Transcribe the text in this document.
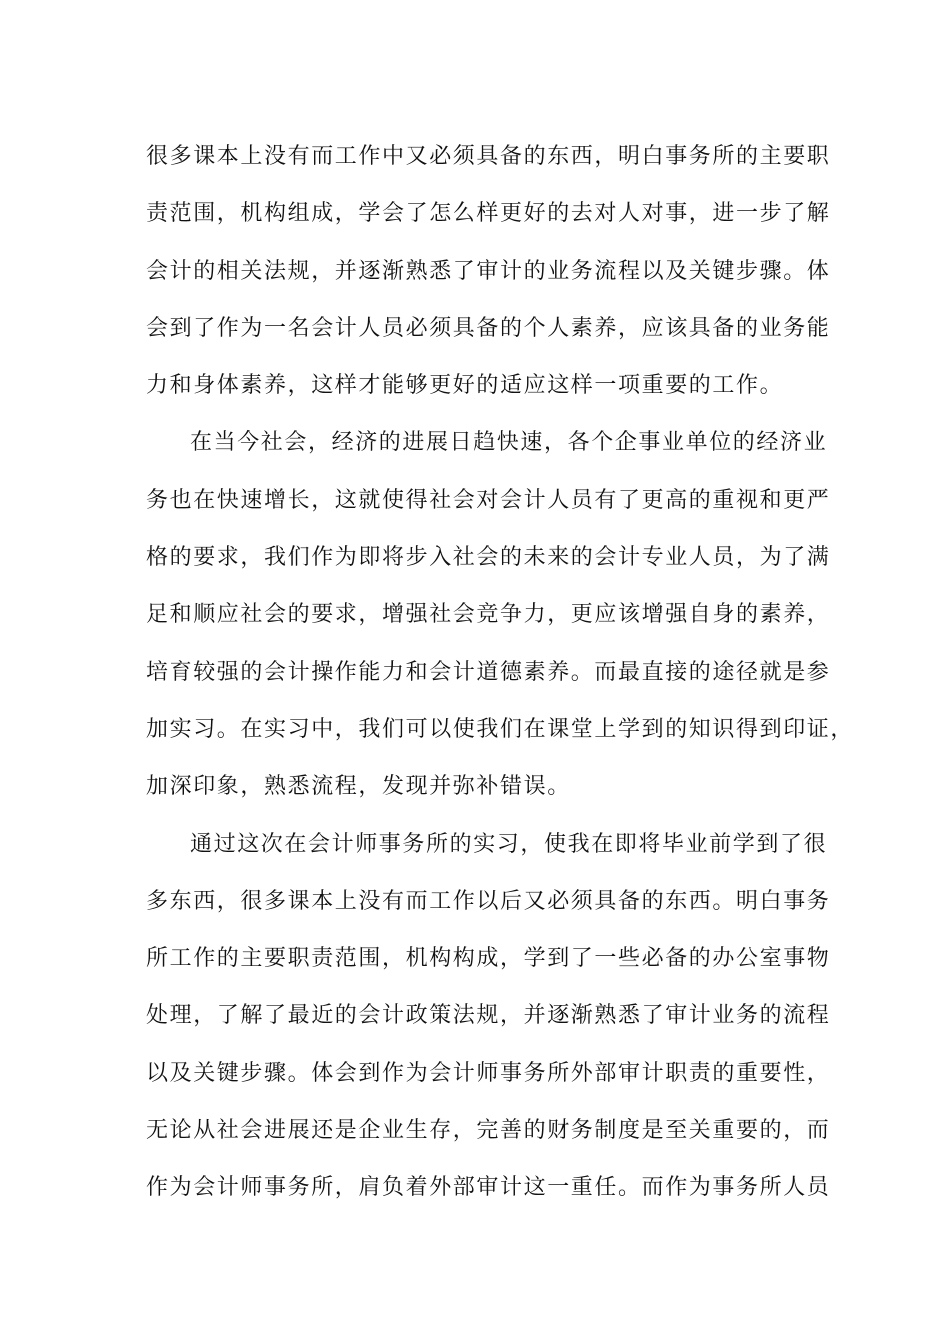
很多课本上没有而工作中又必须具备的东西，明白事务所的主要职
责范围，机构组成，学会了怎么样更好的去对人对事，进一步了解
会计的相关法规，并逐渐熟悉了审计的业务流程以及关键步骤。体
会到了作为一名会计人员必须具备的个人素养，应该具备的业务能
力和身体素养，这样才能够更好的适应这样一项重要的工作。
在当今社会，经济的进展日趋快速，各个企事业单位的经济业
务也在快速增长，这就使得社会对会计人员有了更高的重视和更严
格的要求，我们作为即将步入社会的未来的会计专业人员，为了满
足和顺应社会的要求，增强社会竞争力，更应该增强自身的素养，
培育较强的会计操作能力和会计道德素养。而最直接的途径就是参
加实习。在实习中，我们可以使我们在课堂上学到的知识得到印证，
加深印象，熟悉流程，发现并弥补错误。
通过这次在会计师事务所的实习，使我在即将毕业前学到了很
多东西，很多课本上没有而工作以后又必须具备的东西。明白事务
所工作的主要职责范围，机构构成，学到了一些必备的办公室事物
处理，了解了最近的会计政策法规，并逐渐熟悉了审计业务的流程
以及关键步骤。体会到作为会计师事务所外部审计职责的重要性，
无论从社会进展还是企业生存，完善的财务制度是至关重要的，而
作为会计师事务所，肩负着外部审计这一重任。而作为事务所人员
